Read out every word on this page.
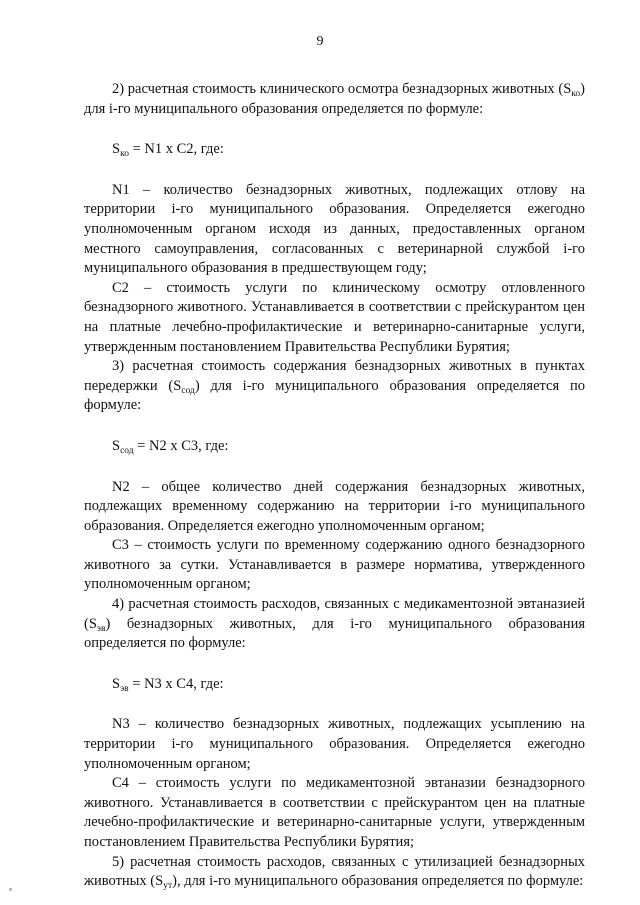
9

2) расчетная стоимость клинического осмотра безнадзорных животных $(S_{ко})$ для i-го муниципального образования определяется по формуле:

$S_{ко} = N1$ x C2, где:

N1 – количество безнадзорных животных, подлежащих отлову на территории i-го муниципального образования. Определяется ежегодно уполномоченным органом исходя из данных, предоставленных органом местного самоуправления, согласованных с ветеринарной службой i-го муниципального образования в предшествующем году;

С2 – стоимость услуги по клиническому осмотру отловленного безнадзорного животного. Устанавливается в соответствии с прейскурантом цен на платные лечебно-профилактические и ветеринарно-санитарные услуги, утвержденным постановлением Правительства Республики Бурятия;

3) расчетная стоимость содержания безнадзорных животных в пунктах передержки $(S_{сод})$ для i-го муниципального образования определяется по формуле:

$S_{сод} = N2$ x C3, где:

N2 – общее количество дней содержания безнадзорных животных, подлежащих временному содержанию на территории i-го муниципального образования. Определяется ежегодно уполномоченным органом;

С3 – стоимость услуги по временному содержанию одного безнадзорного животного за сутки. Устанавливается в размере норматива, утвержденного уполномоченным органом;

4) расчетная стоимость расходов, связанных с медикаментозной эвтаназией $(S_{эв})$ безнадзорных животных, для i-го муниципального образования определяется по формуле:

$S_{эв} = N3$ x C4, где:

N3 – количество безнадзорных животных, подлежащих усыплению на территории i-го муниципального образования. Определяется ежегодно уполномоченным органом;

С4 – стоимость услуги по медикаментозной эвтаназии безнадзорного животного. Устанавливается в соответствии с прейскурантом цен на платные лечебно-профилактические и ветеринарно-санитарные услуги, утвержденным постановлением Правительства Республики Бурятия;

5) расчетная стоимость расходов, связанных с утилизацией безнадзорных животных $(S_{ут})$, для i-го муниципального образования определяется по формуле:
